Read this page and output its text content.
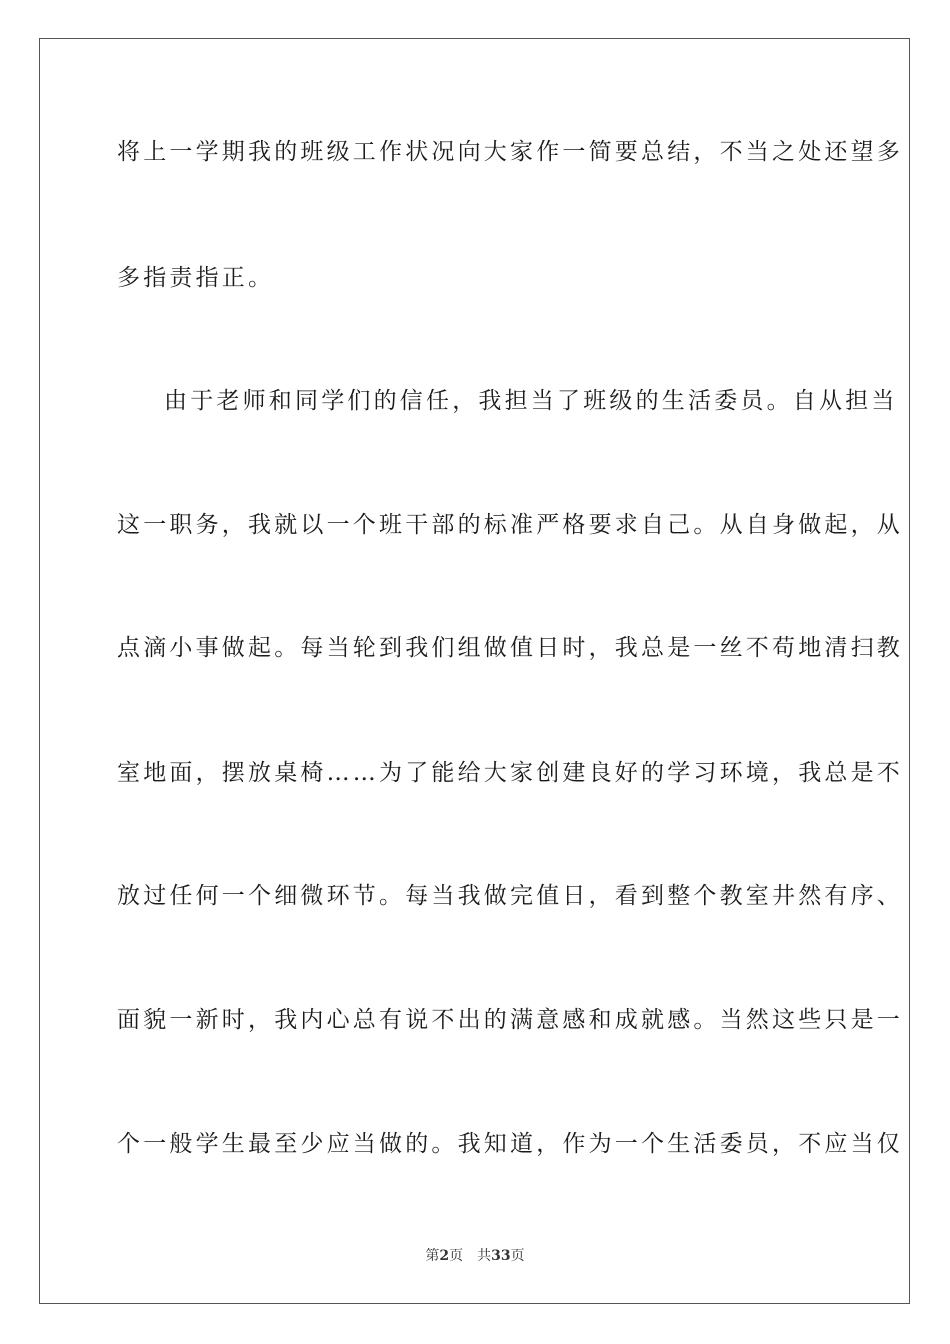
将上一学期我的班级工作状况向大家作一简要总结，不当之处还望多
多指责指正。
由于老师和同学们的信任，我担当了班级的生活委员。自从担当
这一职务，我就以一个班干部的标准严格要求自己。从自身做起，从
点滴小事做起。每当轮到我们组做值日时，我总是一丝不苟地清扫教
室地面，摆放桌椅……为了能给大家创建良好的学习环境，我总是不
放过任何一个细微环节。每当我做完值日，看到整个教室井然有序、
面貌一新时，我内心总有说不出的满意感和成就感。当然这些只是一
个一般学生最至少应当做的。我知道，作为一个生活委员，不应当仅
第2页 共33页
